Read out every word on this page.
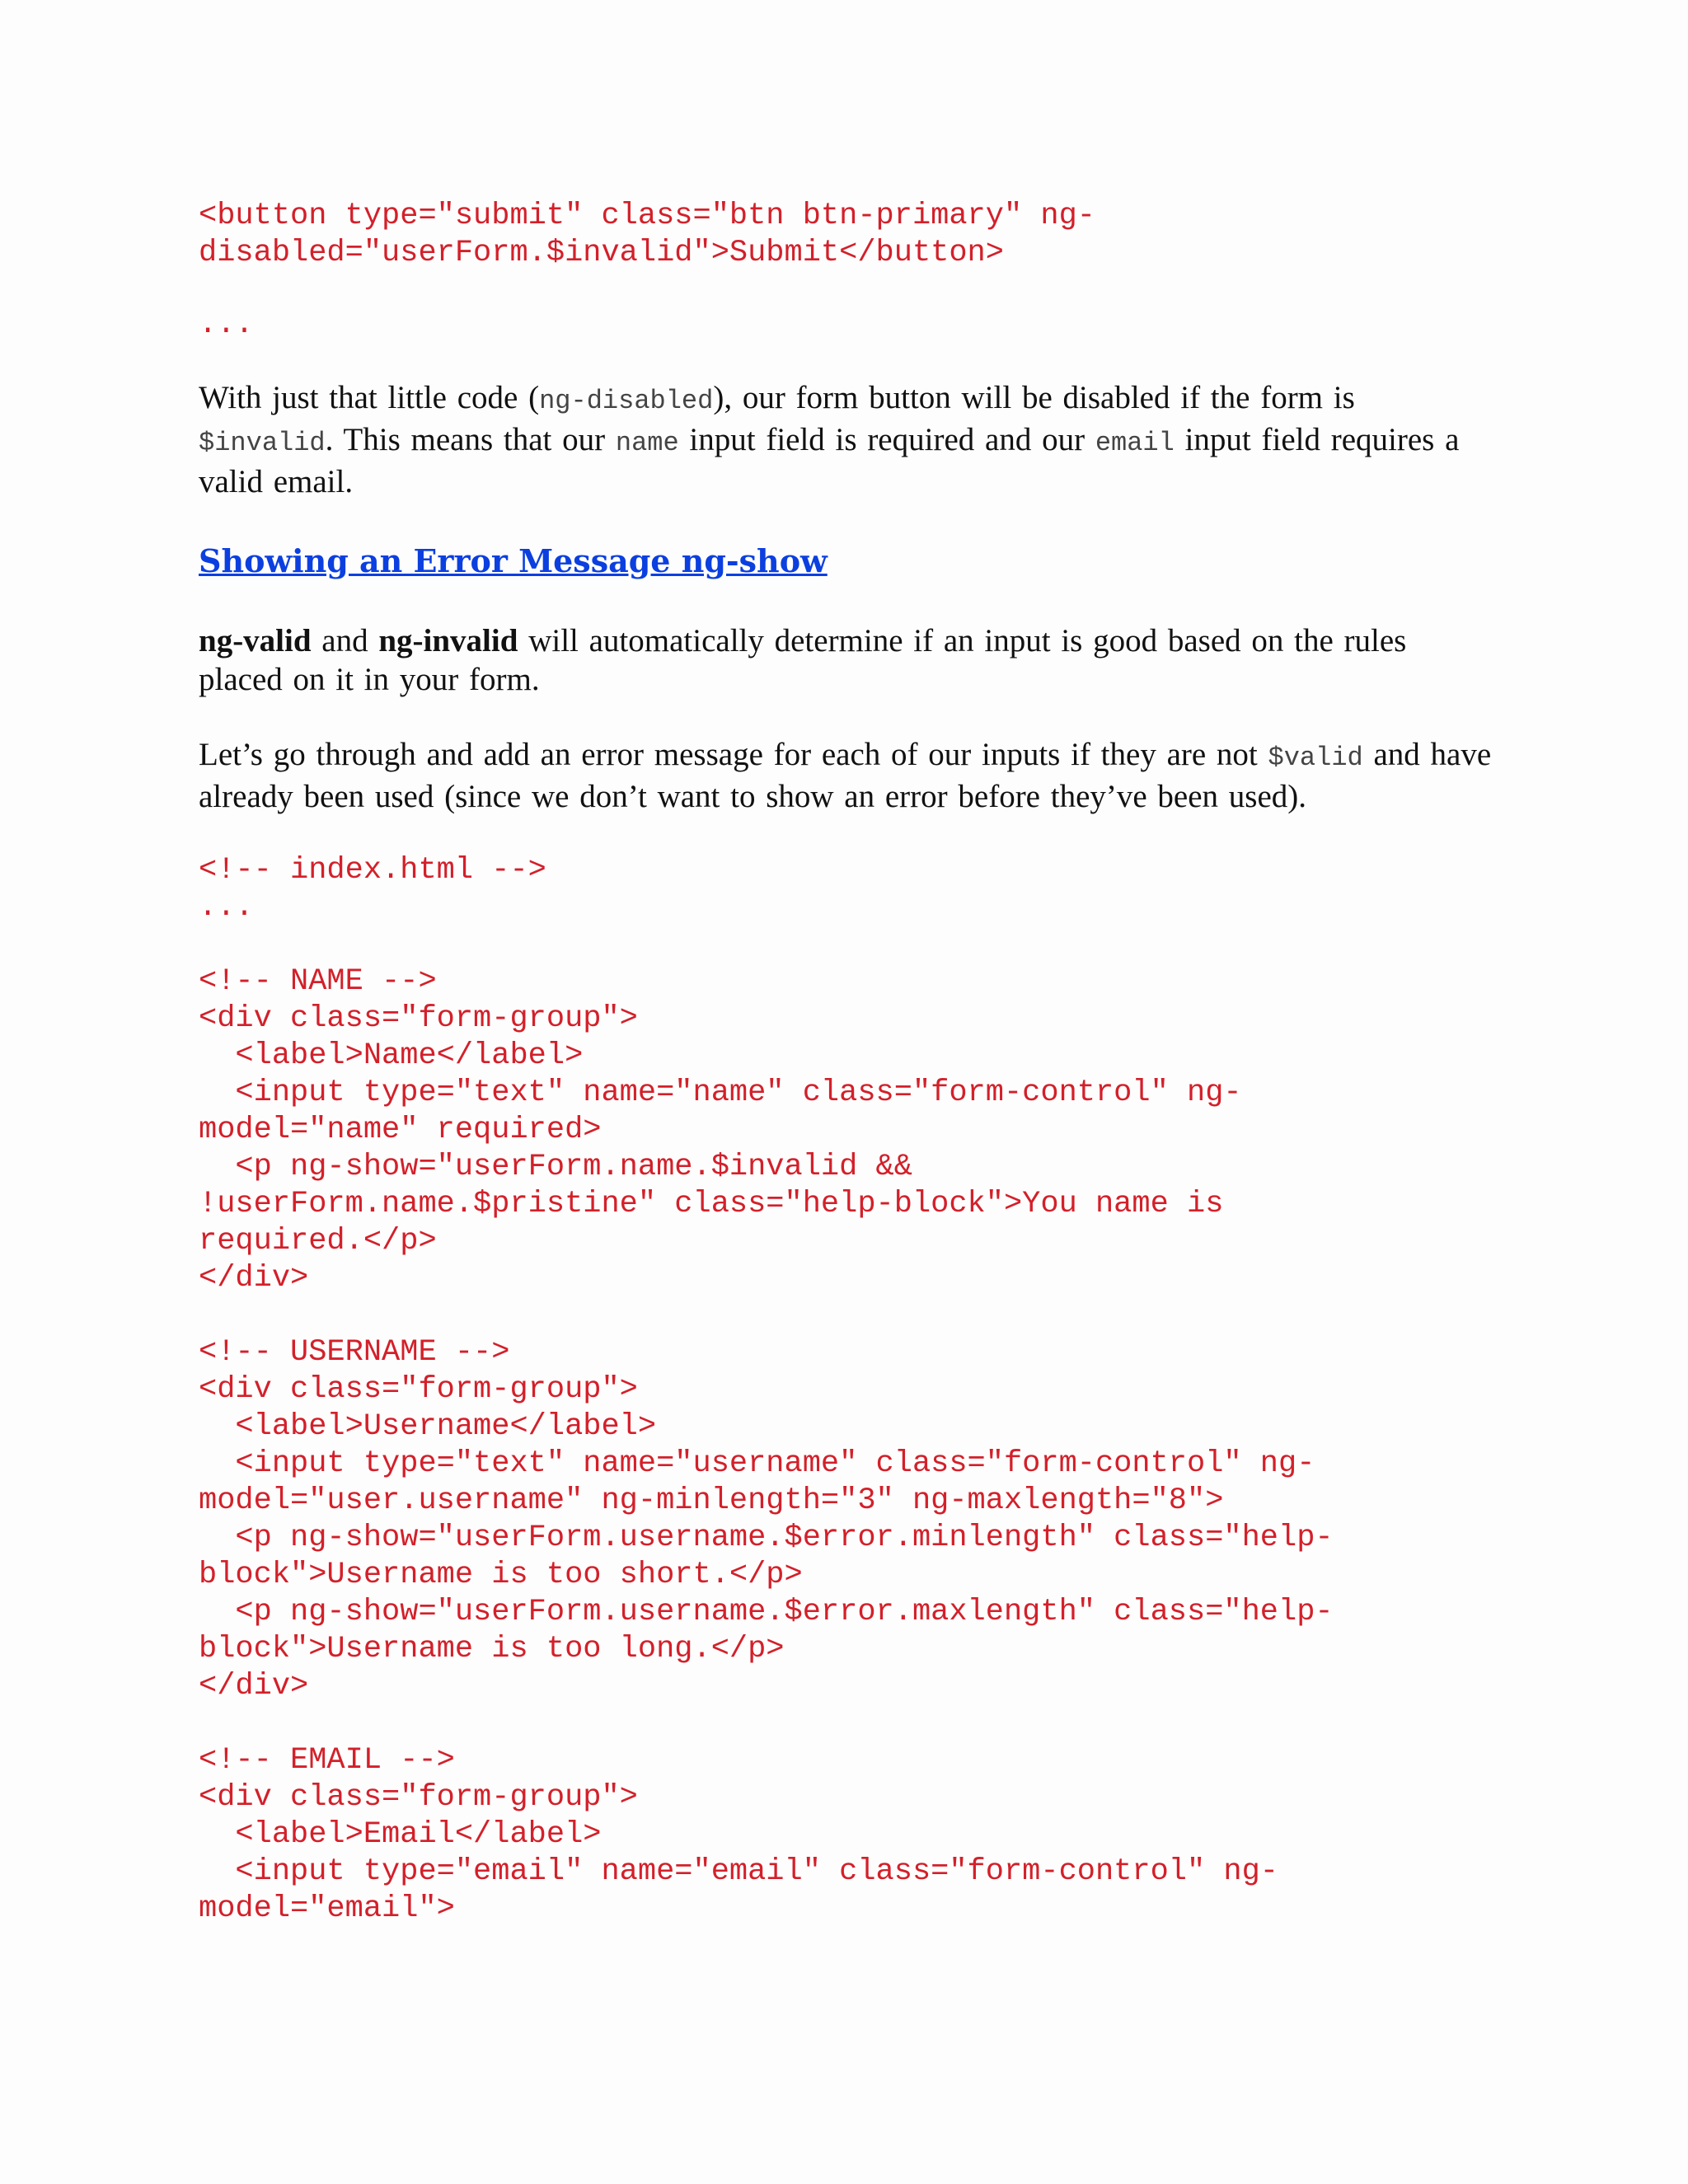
<button type="submit" class="btn btn-primary" ng-
disabled="userForm.$invalid">Submit</button>
...

With just that little code (ng-disabled), our form button will be disabled if the form is
$invalid. This means that our name input field is required and our email input field requires a
valid email.

Showing an Error Message ng-show

ng-valid and ng-invalid will automatically determine if an input is good based on the rules
placed on it in your form.

Let’s go through and add an error message for each of our inputs if they are not $valid and have
already been used (since we don’t want to show an error before they’ve been used).

<!-- index.html -->
...
<!-- NAME -->
<div class="form-group">
<label>Name</label>
<input type="text" name="name" class="form-control" ng-
model="name" required>
<p ng-show="userForm.name.$invalid &&
!userForm.name.$pristine" class="help-block">You name is
required.</p>
</div>
<!-- USERNAME -->
<div class="form-group">
<label>Username</label>
<input type="text" name="username" class="form-control" ng-
model="user.username" ng-minlength="3" ng-maxlength="8">
<p ng-show="userForm.username.$error.minlength" class="help-
block">Username is too short.</p>
<p ng-show="userForm.username.$error.maxlength" class="help-
block">Username is too long.</p>
</div>
<!-- EMAIL -->
<div class="form-group">
<label>Email</label>
<input type="email" name="email" class="form-control" ng-
model="email">
